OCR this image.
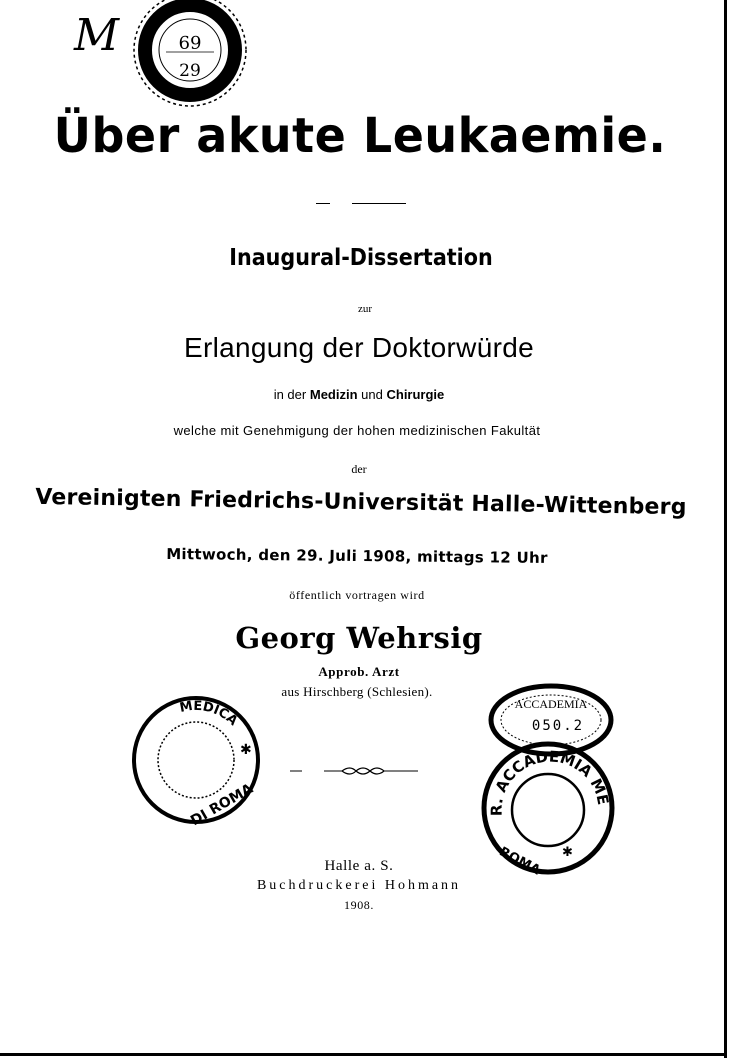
M	69
29
Über akute Leukaemie.
Inaugural-Dissertation
zur
Erlangung der Doktorwürde
in der Medizin und Chirurgie
welche mit Genehmigung der hohen medizinischen Fakultät
der
Vereinigten Friedrichs-Universität Halle-Wittenberg
Mittwoch, den 29. Juli 1908, mittags 12 Uhr
öffentlich vortragen wird
Georg Wehrsig
Approb. Arzt
aus Hirschberg (Schlesien).
MEDICA
DI ROMA
✱
ACCADEMIA
050.2
R. ACCADEMIA MEDICA
ROMA ✱
Halle a. S.
Buchdruckerei Hohmann
1908.
